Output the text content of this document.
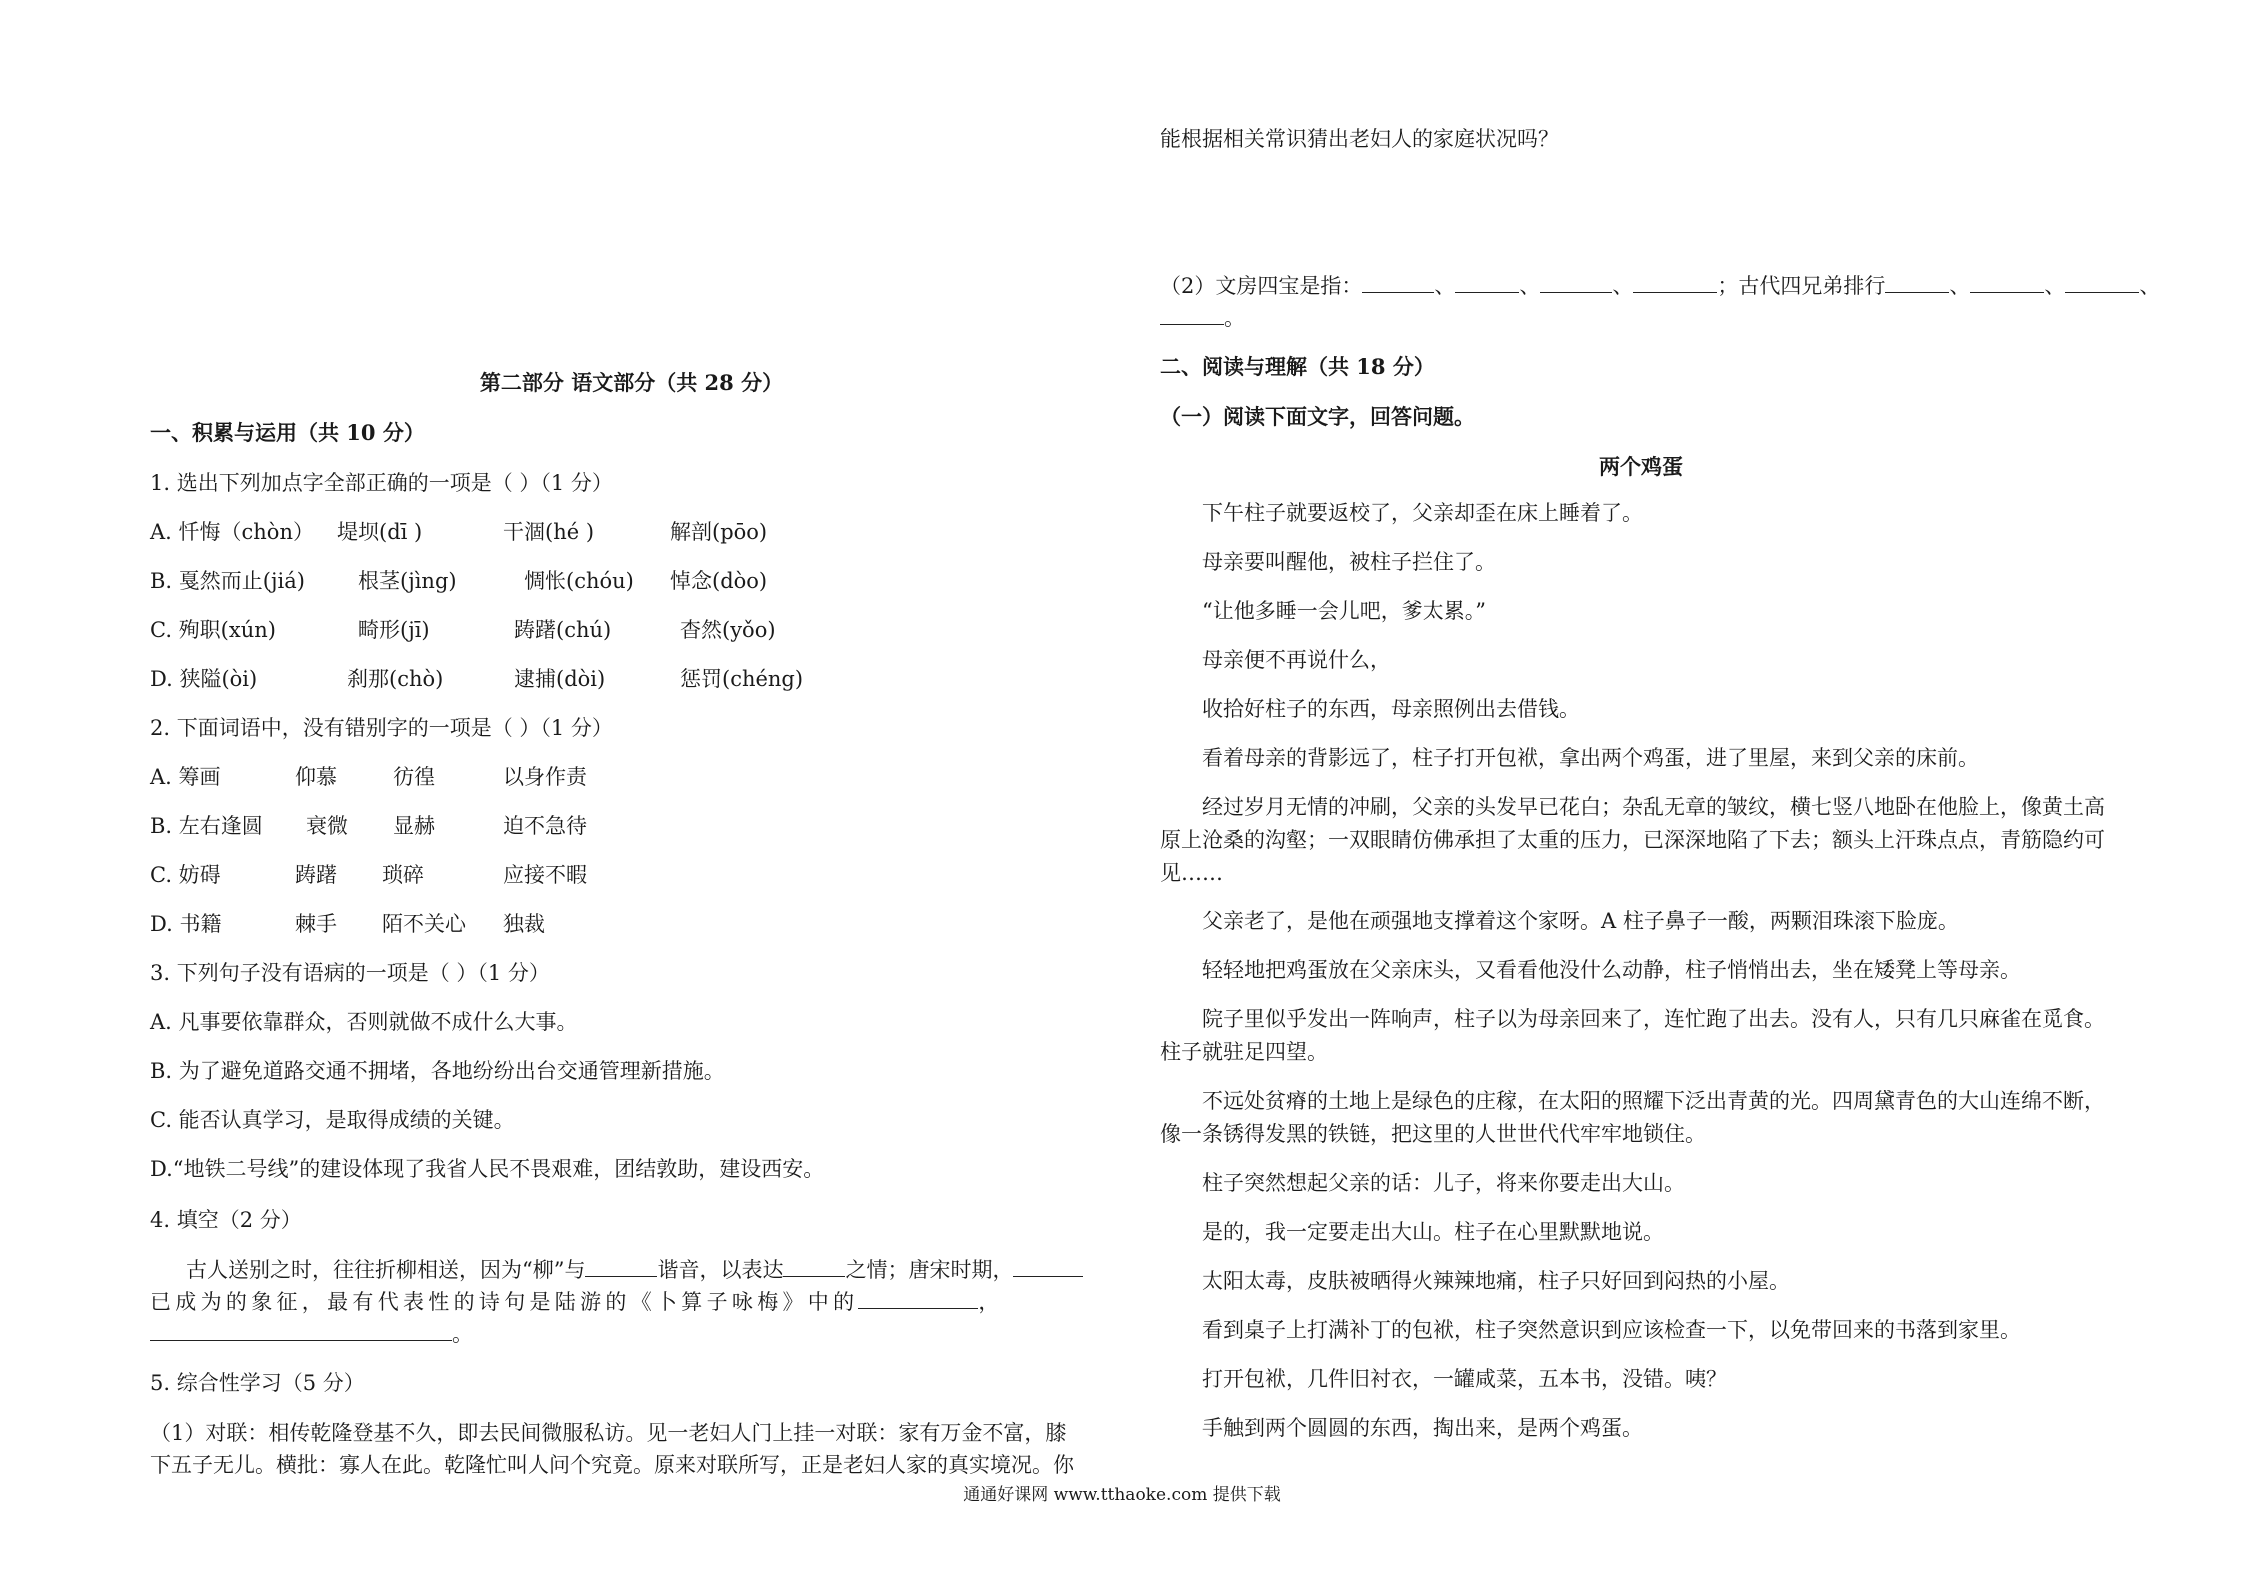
第二部分 语文部分（共 28 分）
一、积累与运用（共 10 分）
1. 选出下列加点字全部正确的一项是（ ）（1 分）
A. 忏悔（chòn） 堤坝(dī )	干涸(hé )	解剖(pōo)
B. 戛然而止(jiá)	根茎(jìng)	惆怅(chóu) 悼念(dòo)
C. 殉职(xún)	畸形(jī)	踌躇(chú)	杳然(yǒo)
D. 狭隘(òi)	刹那(chò)	逮捕(dòi)	惩罚(chéng)
2. 下面词语中，没有错别字的一项是（ ）（1 分）
A. 筹画	仰慕	彷徨	以身作责
B. 左右逢圆 衰微 显赫	迫不急待
C. 妨碍	踌躇 琐碎	应接不暇
D. 书籍	棘手 陌不关心 独裁
3. 下列句子没有语病的一项是（ ）（1 分）
A. 凡事要依靠群众，否则就做不成什么大事。
B. 为了避免道路交通不拥堵，各地纷纷出台交通管理新措施。
C. 能否认真学习，是取得成绩的关键。
D.“地铁二号线”的建设体现了我省人民不畏艰难，团结敦助，建设西安。
4. 填空（2 分）
古人送别之时，往往折柳相送，因为“柳”与	谐音，以表达	之情；唐宋时期，
已成为的象征，最有代表性的诗句是陆游的《卜算子咏梅》中的	，
。
5. 综合性学习（5 分）
（1）对联：相传乾隆登基不久，即去民间微服私访。见一老妇人门上挂一对联：家有万金不富，膝
下五子无儿。横批：寡人在此。乾隆忙叫人问个究竟。原来对联所写，正是老妇人家的真实境况。你
能根据相关常识猜出老妇人的家庭状况吗？
（2）文房四宝是指：	、	、	、	；古代四兄弟排行	、	、	、
。
二、阅读与理解（共 18 分）
（一）阅读下面文字，回答问题。
两个鸡蛋
下午柱子就要返校了，父亲却歪在床上睡着了。
母亲要叫醒他，被柱子拦住了。
“让他多睡一会儿吧，爹太累。”
母亲便不再说什么，
收拾好柱子的东西，母亲照例出去借钱。
看着母亲的背影远了，柱子打开包袱，拿出两个鸡蛋，进了里屋，来到父亲的床前。
经过岁月无情的冲刷，父亲的头发早已花白；杂乱无章的皱纹，横七竖八地卧在他脸上，像黄土高原上沧桑的沟壑；一双眼睛仿佛承担了太重的压力，已深深地陷了下去；额头上汗珠点点，青筋隐约可见……
父亲老了，是他在顽强地支撑着这个家呀。A 柱子鼻子一酸，两颗泪珠滚下脸庞。
轻轻地把鸡蛋放在父亲床头，又看看他没什么动静，柱子悄悄出去，坐在矮凳上等母亲。
院子里似乎发出一阵响声，柱子以为母亲回来了，连忙跑了出去。没有人，只有几只麻雀在觅食。柱子就驻足四望。
不远处贫瘠的土地上是绿色的庄稼，在太阳的照耀下泛出青黄的光。四周黛青色的大山连绵不断，像一条锈得发黑的铁链，把这里的人世世代代牢牢地锁住。
柱子突然想起父亲的话：儿子，将来你要走出大山。
是的，我一定要走出大山。柱子在心里默默地说。
太阳太毒，皮肤被晒得火辣辣地痛，柱子只好回到闷热的小屋。
看到桌子上打满补丁的包袱，柱子突然意识到应该检查一下，以免带回来的书落到家里。
打开包袱，几件旧衬衣，一罐咸菜，五本书，没错。咦？
手触到两个圆圆的东西，掏出来，是两个鸡蛋。
通通好课网 www.tthaoke.com 提供下载
